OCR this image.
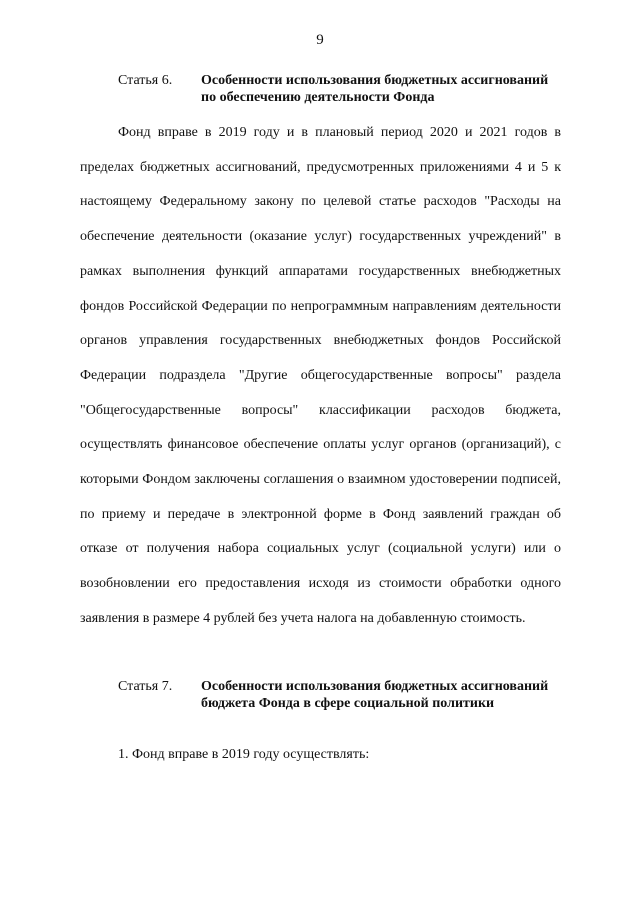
9
Статья 6. Особенности использования бюджетных ассигнований по обеспечению деятельности Фонда

Фонд вправе в 2019 году и в плановый период 2020 и 2021 годов в пределах бюджетных ассигнований, предусмотренных приложениями 4 и 5 к настоящему Федеральному закону по целевой статье расходов "Расходы на обеспечение деятельности (оказание услуг) государственных учреждений" в рамках выполнения функций аппаратами государственных внебюджетных фондов Российской Федерации по непрограммным направлениям деятельности органов управления государственных внебюджетных фондов Российской Федерации подраздела "Другие общегосударственные вопросы" раздела "Общегосударственные вопросы" классификации расходов бюджета, осуществлять финансовое обеспечение оплаты услуг органов (организаций), с которыми Фондом заключены соглашения о взаимном удостоверении подписей, по приему и передаче в электронной форме в Фонд заявлений граждан об отказе от получения набора социальных услуг (социальной услуги) или о возобновлении его предоставления исходя из стоимости обработки одного заявления в размере 4 рублей без учета налога на добавленную стоимость.

Статья 7. Особенности использования бюджетных ассигнований бюджета Фонда в сфере социальной политики
1. Фонд вправе в 2019 году осуществлять:
